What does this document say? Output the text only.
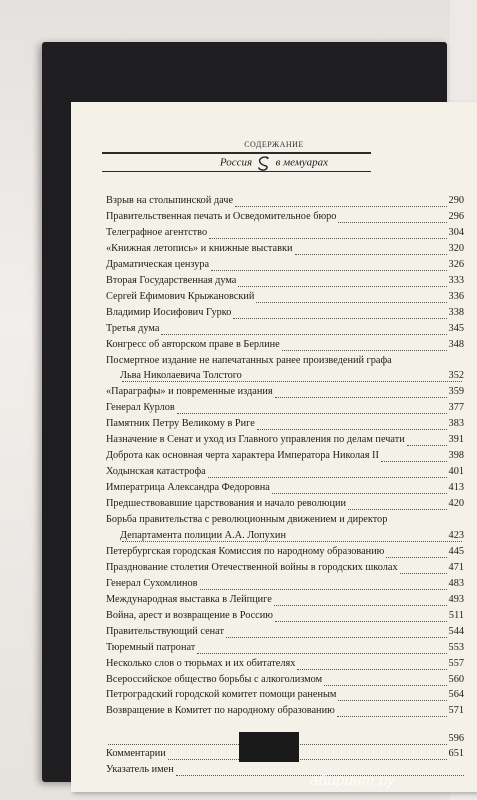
СОДЕРЖАНИЕ
Россия в мемуарах
Взрыв на столыпинской даче	290
Правительственная печать и Осведомительное бюро	296
Телеграфное агентство	304
«Книжная летопись» и книжные выставки	320
Драматическая цензура	326
Вторая Государственная дума	333
Сергей Ефимович Крыжановский	336
Владимир Иосифович Гурко	338
Третья дума	345
Конгресс об авторском праве в Берлине	348
Посмертное издание не напечатанных ранее произведений графа
Льва Николаевича Толстого	352
«Параграфы» и повременные издания	359
Генерал Курлов	377
Памятник Петру Великому в Риге	383
Назначение в Сенат и уход из Главного управления по делам печати	391
Доброта как основная черта характера Императора Николая II	398
Ходынская катастрофа	401
Императрица Александра Федоровна	413
Предшествовавшие царствования и начало революции	420
Борьба правительства с революционным движением и директор
Департамента полиции А.А. Лопухин	423
Петербургская городская Комиссия по народному образованию	445
Празднование столетия Отечественной войны в городских школах	471
Генерал Сухомлинов	483
Международная выставка в Лейпциге	493
Война, арест и возвращение в Россию	511
Правительствующий сенат	544
Тюремный патронат	553
Несколько слов о тюрьмах и их обитателях	557
Всероссийское общество борьбы с алкоголизмом	560
Петроградский городской комитет помощи раненым	564
Возвращение в Комитет по народному образованию	571
596
Комментарии	651
Указатель имен
абиринт.ру
